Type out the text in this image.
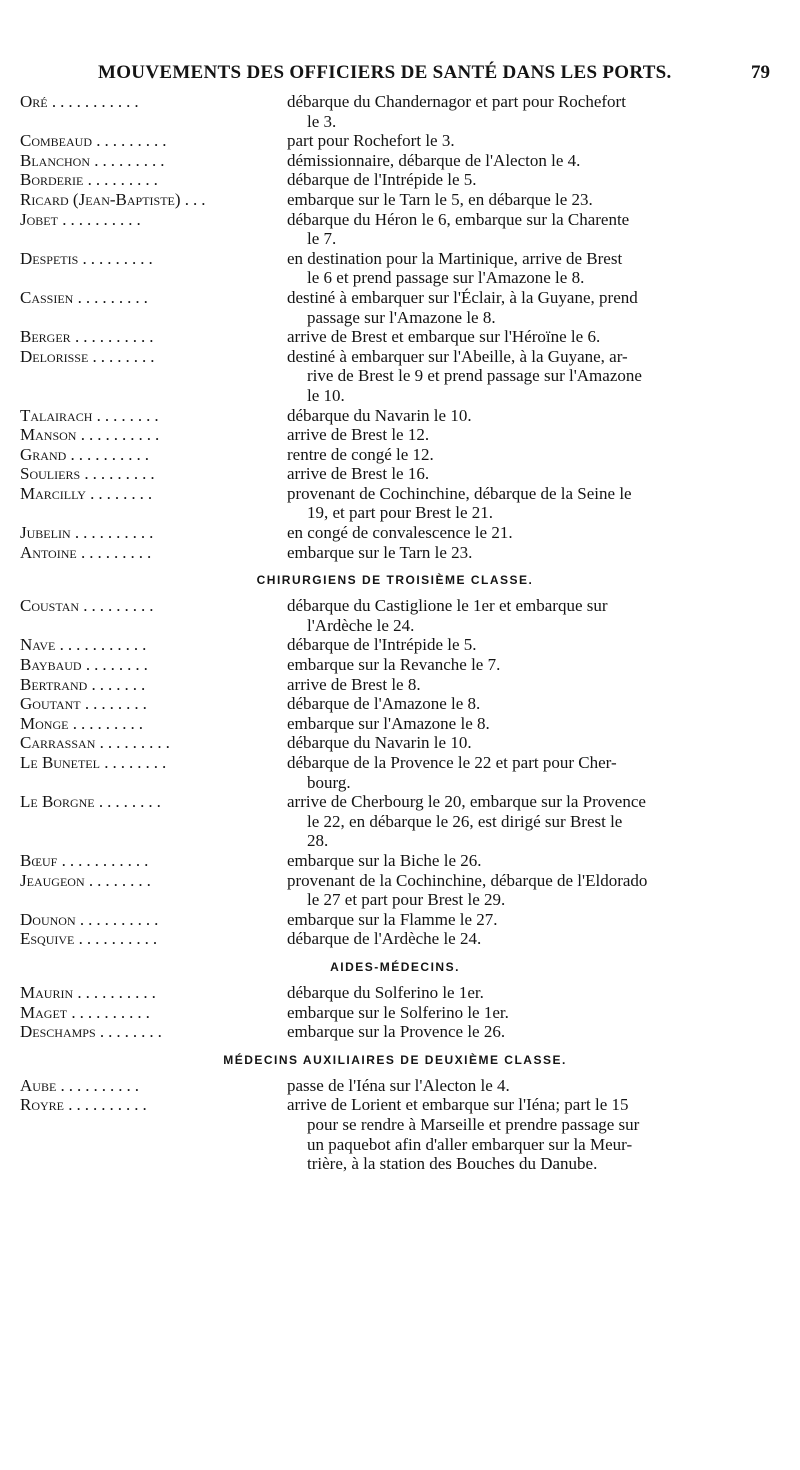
MOUVEMENTS DES OFFICIERS DE SANTÉ DANS LES PORTS.	79
Oré ...........	débarque du Chandernagor et part pour Rochefort
le 3.
Combeaud .........	part pour Rochefort le 3.
Blanchon .........	démissionnaire, débarque de l'Alecton le 4.
Borderie .........	débarque de l'Intrépide le 5.
Ricard (Jean-Baptiste) ...	embarque sur le Tarn le 5, en débarque le 23.
Jobet ..........	débarque du Héron le 6, embarque sur la Charente
le 7.
Despetis .........	en destination pour la Martinique, arrive de Brest
le 6 et prend passage sur l'Amazone le 8.
Cassien .........	destiné à embarquer sur l'Éclair, à la Guyane, prend
passage sur l'Amazone le 8.
Berger ..........	arrive de Brest et embarque sur l'Héroïne le 6.
Delorisse ........	destiné à embarquer sur l'Abeille, à la Guyane, ar-
rive de Brest le 9 et prend passage sur l'Amazone
le 10.
Talairach ........	débarque du Navarin le 10.
Manson ..........	arrive de Brest le 12.
Grand ..........	rentre de congé le 12.
Souliers .........	arrive de Brest le 16.
Marcilly ........	provenant de Cochinchine, débarque de la Seine le
19, et part pour Brest le 21.
Jubelin ..........	en congé de convalescence le 21.
Antoine .........	embarque sur le Tarn le 23.
CHIRURGIENS DE TROISIÈME CLASSE.
Coustan .........	débarque du Castiglione le 1er et embarque sur
l'Ardèche le 24.
Nave ...........	débarque de l'Intrépide le 5.
Baybaud ........	embarque sur la Revanche le 7.
Bertrand .......	arrive de Brest le 8.
Goutant ........	débarque de l'Amazone le 8.
Monge .........	embarque sur l'Amazone le 8.
Carrassan .........	débarque du Navarin le 10.
Le Bunetel ........	débarque de la Provence le 22 et part pour Cher-
bourg.
Le Borgne ........	arrive de Cherbourg le 20, embarque sur la Provence
le 22, en débarque le 26, est dirigé sur Brest le
28.
Bœuf ...........	embarque sur la Biche le 26.
Jeaugeon ........	provenant de la Cochinchine, débarque de l'Eldorado
le 27 et part pour Brest le 29.
Dounon ..........	embarque sur la Flamme le 27.
Esquive ..........	débarque de l'Ardèche le 24.
AIDES-MÉDECINS.
Maurin ..........	débarque du Solferino le 1er.
Maget ..........	embarque sur le Solferino le 1er.
Deschamps ........	embarque sur la Provence le 26.
MÉDECINS AUXILIAIRES DE DEUXIÈME CLASSE.
Aube ..........	passe de l'Iéna sur l'Alecton le 4.
Royre ..........	arrive de Lorient et embarque sur l'Iéna; part le 15
pour se rendre à Marseille et prendre passage sur
un paquebot afin d'aller embarquer sur la Meur-
trière, à la station des Bouches du Danube.
